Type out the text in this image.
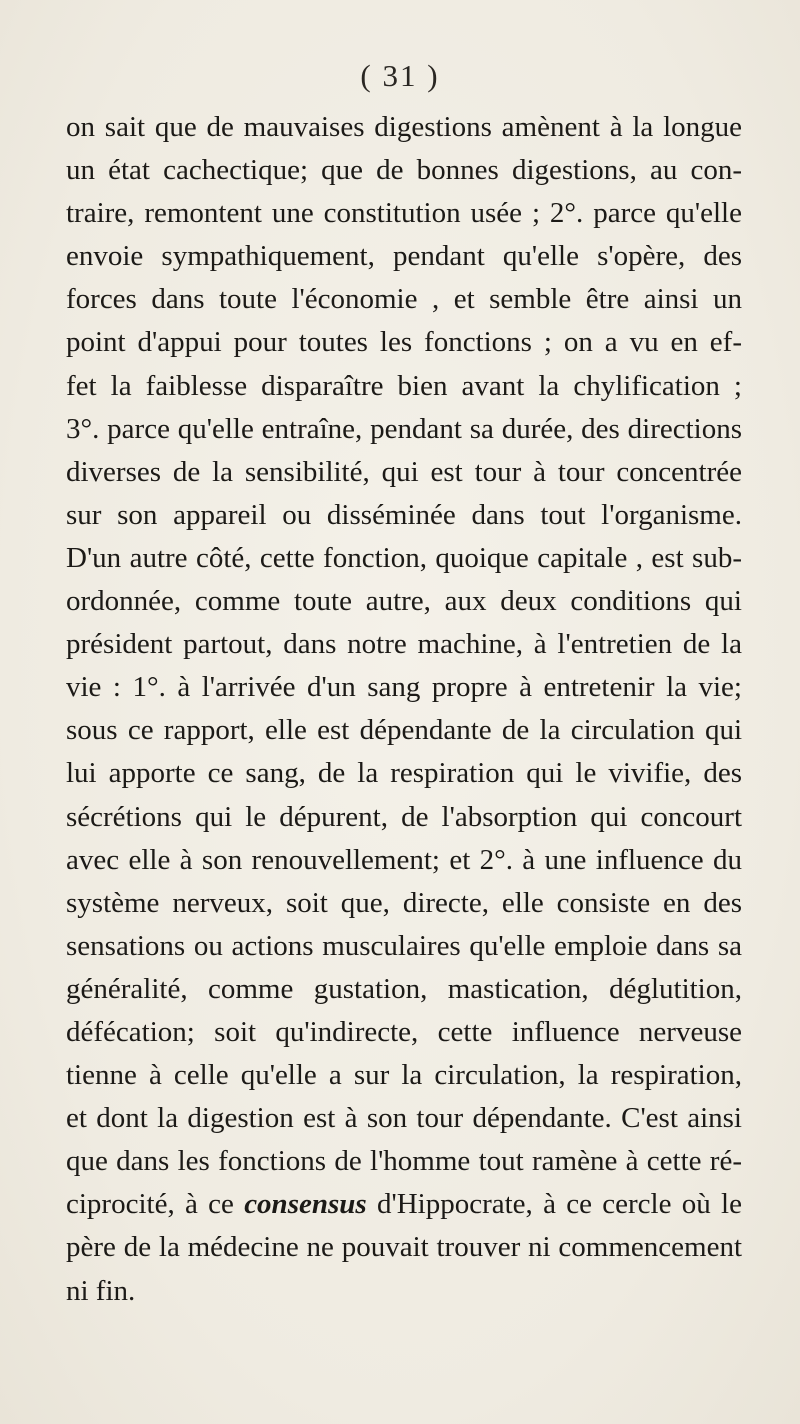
( 31 )
on sait que de mauvaises digestions amènent à la longue
un état cachectique; que de bonnes digestions, au con-
traire, remontent une constitution usée ; 2°. parce qu'elle
envoie sympathiquement, pendant qu'elle s'opère, des
forces dans toute l'économie , et semble être ainsi un
point d'appui pour toutes les fonctions ; on a vu en ef-
fet la faiblesse disparaître bien avant la chylification ;
3°. parce qu'elle entraîne, pendant sa durée, des directions
diverses de la sensibilité, qui est tour à tour concentrée
sur son appareil ou disséminée dans tout l'organisme.
D'un autre côté, cette fonction, quoique capitale , est sub-
ordonnée, comme toute autre, aux deux conditions qui
président partout, dans notre machine, à l'entretien de la
vie : 1°. à l'arrivée d'un sang propre à entretenir la vie;
sous ce rapport, elle est dépendante de la circulation qui
lui apporte ce sang, de la respiration qui le vivifie, des
sécrétions qui le dépurent, de l'absorption qui concourt
avec elle à son renouvellement; et 2°. à une influence du
système nerveux, soit que, directe, elle consiste en des
sensations ou actions musculaires qu'elle emploie dans sa
généralité, comme gustation, mastication, déglutition,
défécation; soit qu'indirecte, cette influence nerveuse
tienne à celle qu'elle a sur la circulation, la respiration,
et dont la digestion est à son tour dépendante. C'est ainsi
que dans les fonctions de l'homme tout ramène à cette ré-
ciprocité, à ce consensus d'Hippocrate, à ce cercle où le
père de la médecine ne pouvait trouver ni commencement
ni fin.
